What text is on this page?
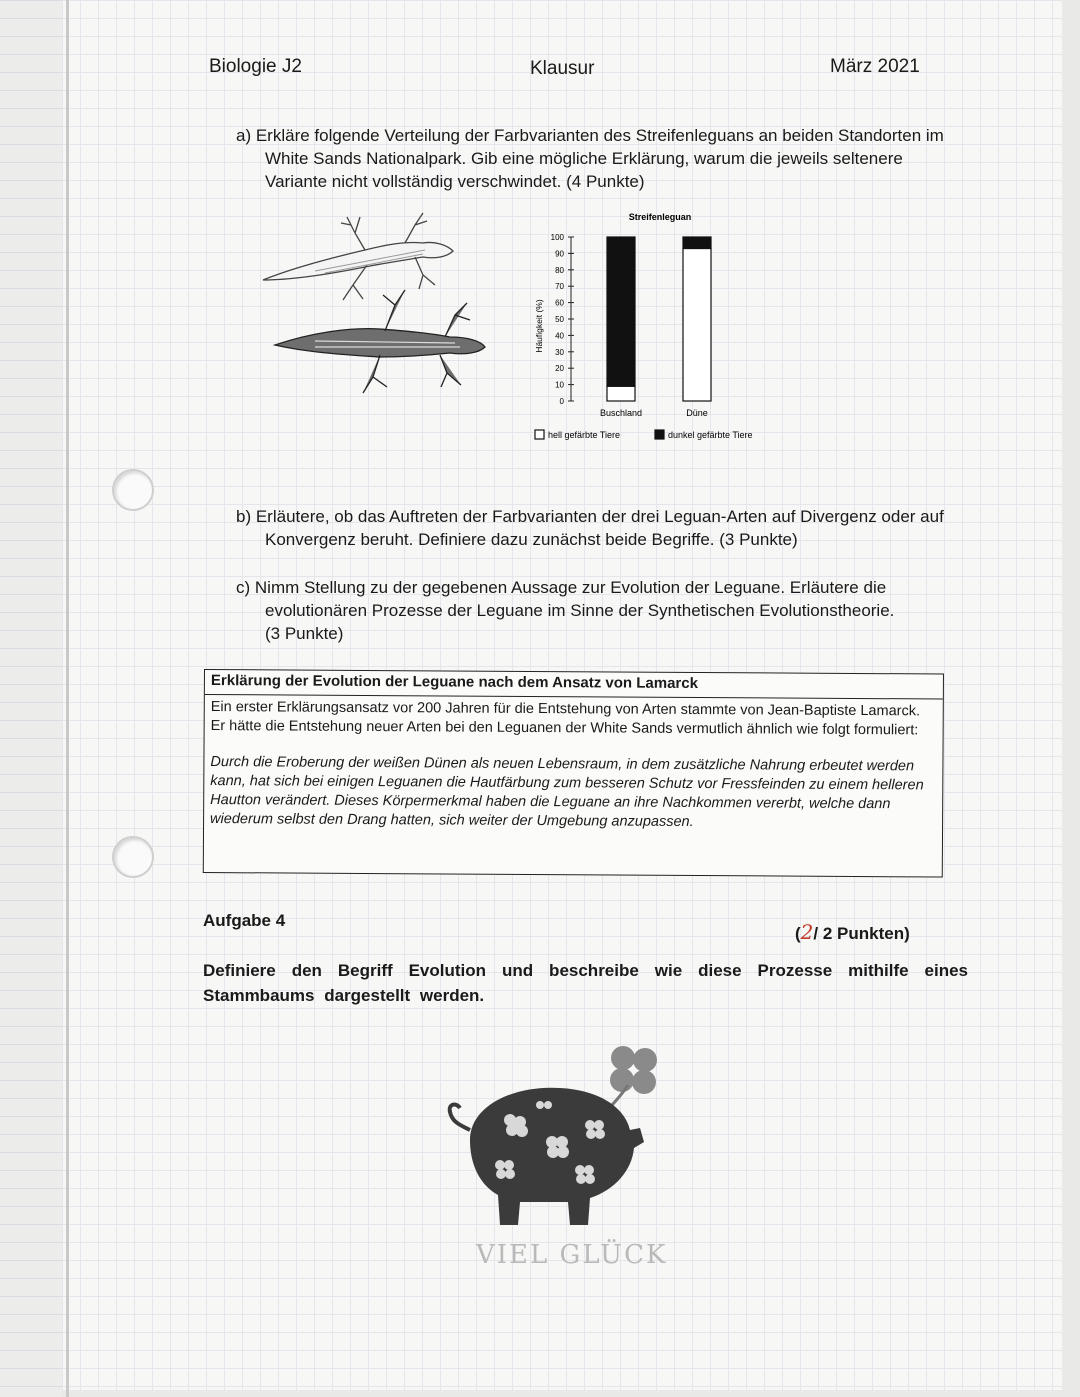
Biologie J2	Klausur	März 2021
a) Erkläre folgende Verteilung der Farbvarianten des Streifenleguans an beiden Standorten im
White Sands Nationalpark. Gib eine mögliche Erklärung, warum die jeweils seltenere
Variante nicht vollständig verschwindet. (4 Punkte)
Streifenleguan
Häufigkeit (%)
100
90
80
70
60
50
40
30
20
10
0
Buschland	Düne
hell gefärbte Tiere	dunkel gefärbte Tiere
b) Erläutere, ob das Auftreten der Farbvarianten der drei Leguan-Arten auf Divergenz oder auf
Konvergenz beruht. Definiere dazu zunächst beide Begriffe. (3 Punkte)
c) Nimm Stellung zu der gegebenen Aussage zur Evolution der Leguane. Erläutere die
evolutionären Prozesse der Leguane im Sinne der Synthetischen Evolutionstheorie.
(3 Punkte)
Erklärung der Evolution der Leguane nach dem Ansatz von Lamarck
Ein erster Erklärungsansatz vor 200 Jahren für die Entstehung von Arten stammte von Jean-Baptiste Lamarck. Er hätte die Entstehung neuer Arten bei den Leguanen der White Sands vermutlich ähnlich wie folgt formuliert:
Durch die Eroberung der weißen Dünen als neuen Lebensraum, in dem zusätzliche Nahrung erbeutet werden kann, hat sich bei einigen Leguanen die Hautfärbung zum besseren Schutz vor Fressfeinden zu einem helleren Hautton verändert. Dieses Körpermerkmal haben die Leguane an ihre Nachkommen vererbt, welche dann wiederum selbst den Drang hatten, sich weiter der Umgebung anzupassen.
Aufgabe 4
(2/ 2 Punkten)
Definiere den Begriff Evolution und beschreibe wie diese Prozesse mithilfe eines Stammbaums dargestellt werden.
VIEL GLÜCK
